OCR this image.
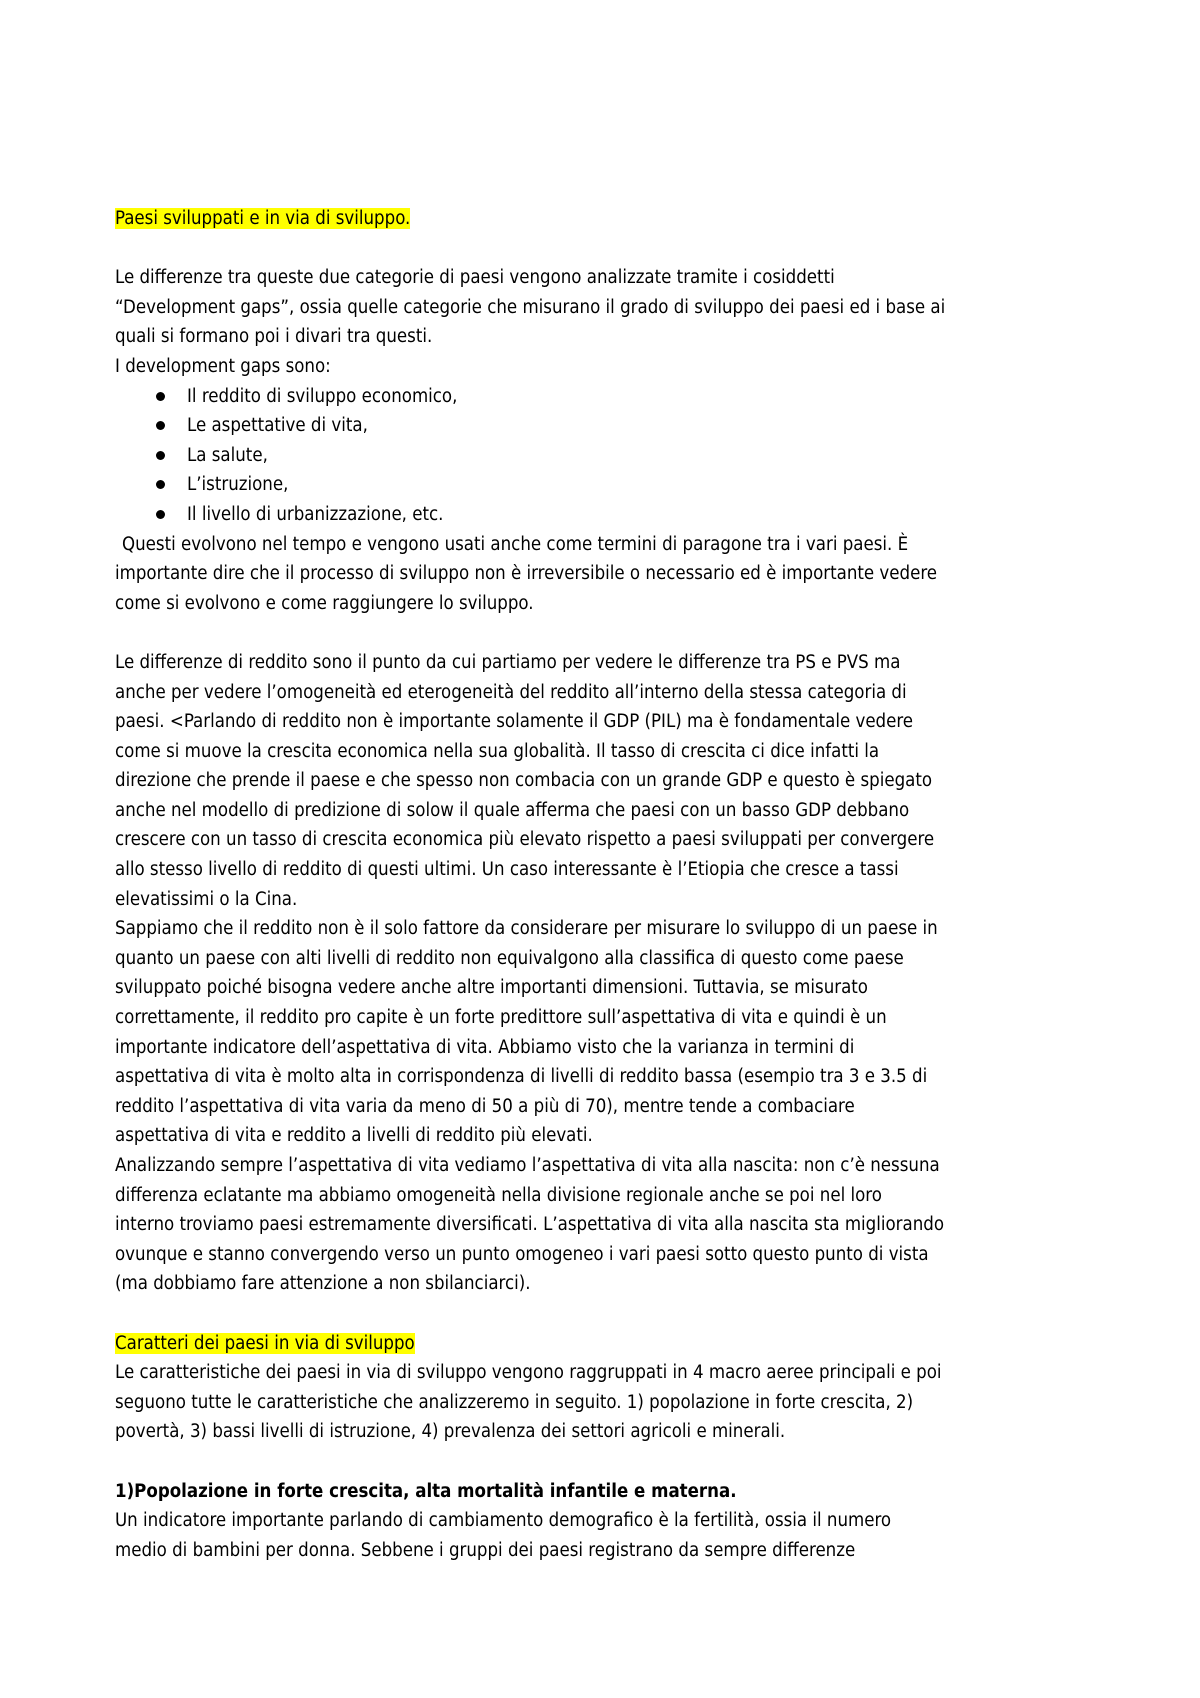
Paesi sviluppati e in via di sviluppo.

Le differenze tra queste due categorie di paesi vengono analizzate tramite i cosiddetti

“Development gaps”, ossia quelle categorie che misurano il grado di sviluppo dei paesi ed i base ai

quali si formano poi i divari tra questi.

I development gaps sono:

Il reddito di sviluppo economico,
Le aspettative di vita,
La salute,
L’istruzione,
Il livello di urbanizzazione, etc.

Questi evolvono nel tempo e vengono usati anche come termini di paragone tra i vari paesi. È

importante dire che il processo di sviluppo non è irreversibile o necessario ed è importante vedere

come si evolvono e come raggiungere lo sviluppo.

Le differenze di reddito sono il punto da cui partiamo per vedere le differenze tra PS e PVS ma

anche per vedere l’omogeneità ed eterogeneità del reddito all’interno della stessa categoria di

paesi. <Parlando di reddito non è importante solamente il GDP (PIL) ma è fondamentale vedere

come si muove la crescita economica nella sua globalità. Il tasso di crescita ci dice infatti la

direzione che prende il paese e che spesso non combacia con un grande GDP e questo è spiegato

anche nel modello di predizione di solow il quale afferma che paesi con un basso GDP debbano

crescere con un tasso di crescita economica più elevato rispetto a paesi sviluppati per convergere

allo stesso livello di reddito di questi ultimi. Un caso interessante è l’Etiopia che cresce a tassi

elevatissimi o la Cina.

Sappiamo che il reddito non è il solo fattore da considerare per misurare lo sviluppo di un paese in

quanto un paese con alti livelli di reddito non equivalgono alla classifica di questo come paese

sviluppato poiché bisogna vedere anche altre importanti dimensioni. Tuttavia, se misurato

correttamente, il reddito pro capite è un forte predittore sull’aspettativa di vita e quindi è un

importante indicatore dell’aspettativa di vita. Abbiamo visto che la varianza in termini di

aspettativa di vita è molto alta in corrispondenza di livelli di reddito bassa (esempio tra 3 e 3.5 di

reddito l’aspettativa di vita varia da meno di 50 a più di 70), mentre tende a combaciare

aspettativa di vita e reddito a livelli di reddito più elevati.

Analizzando sempre l’aspettativa di vita vediamo l’aspettativa di vita alla nascita: non c’è nessuna

differenza eclatante ma abbiamo omogeneità nella divisione regionale anche se poi nel loro

interno troviamo paesi estremamente diversificati. L’aspettativa di vita alla nascita sta migliorando

ovunque e stanno convergendo verso un punto omogeneo i vari paesi sotto questo punto di vista

(ma dobbiamo fare attenzione a non sbilanciarci).

Caratteri dei paesi in via di sviluppo

Le caratteristiche dei paesi in via di sviluppo vengono raggruppati in 4 macro aeree principali e poi

seguono tutte le caratteristiche che analizzeremo in seguito. 1) popolazione in forte crescita, 2)

povertà, 3) bassi livelli di istruzione, 4) prevalenza dei settori agricoli e minerali.

1)Popolazione in forte crescita, alta mortalità infantile e materna.

Un indicatore importante parlando di cambiamento demografico è la fertilità, ossia il numero

medio di bambini per donna. Sebbene i gruppi dei paesi registrano da sempre differenze
